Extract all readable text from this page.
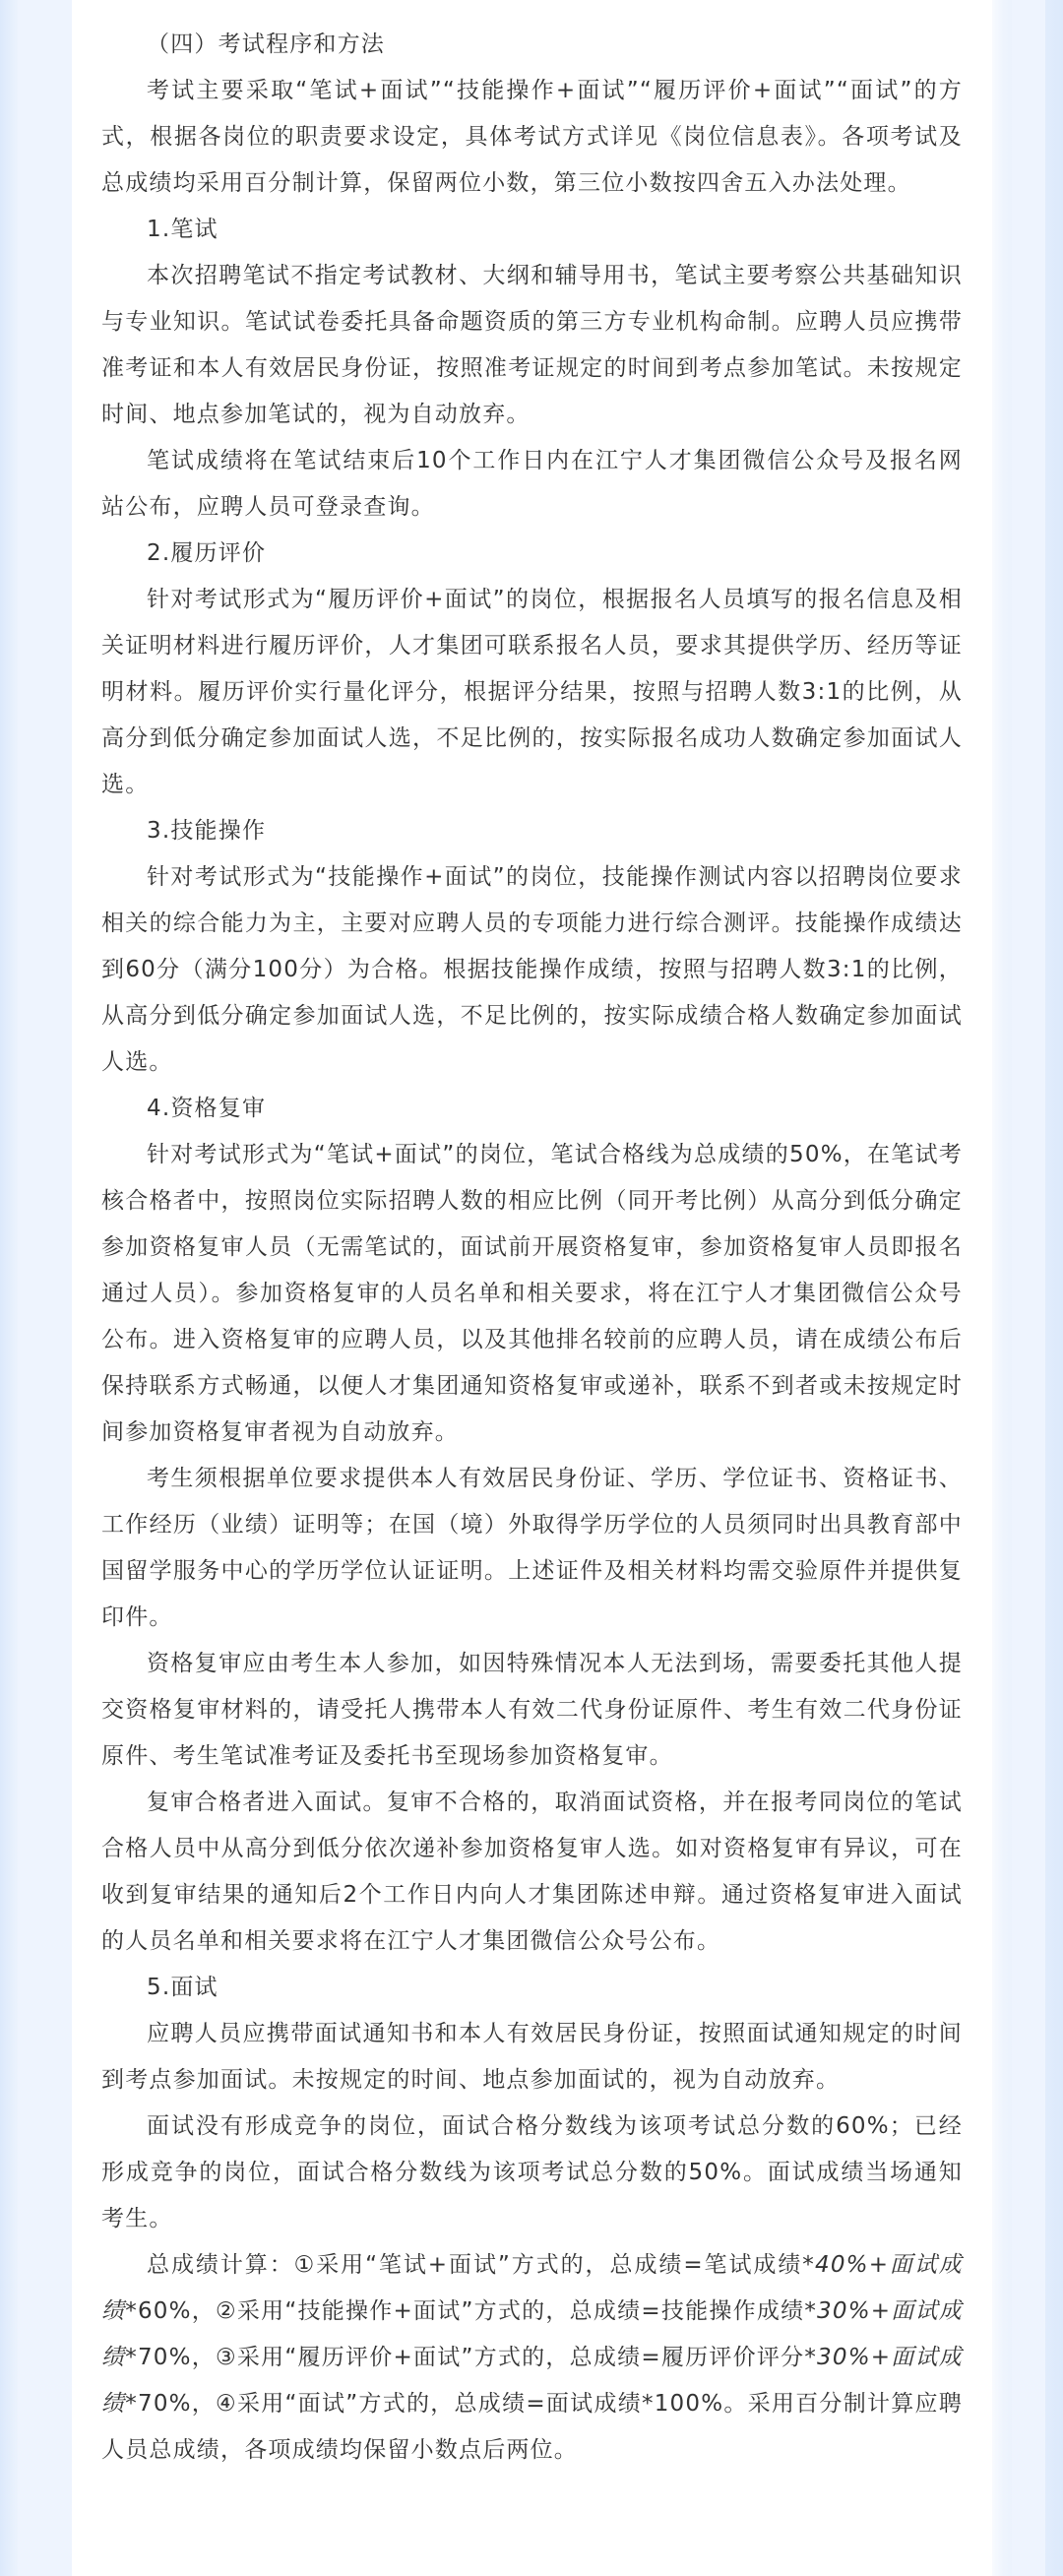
（四）考试程序和方法

考试主要采取“笔试+面试”“技能操作+面试”“履历评价+面试”“面试”的方式，根据各岗位的职责要求设定，具体考试方式详见《岗位信息表》。各项考试及总成绩均采用百分制计算，保留两位小数，第三位小数按四舍五入办法处理。

1.笔试

本次招聘笔试不指定考试教材、大纲和辅导用书，笔试主要考察公共基础知识与专业知识。笔试试卷委托具备命题资质的第三方专业机构命制。应聘人员应携带准考证和本人有效居民身份证，按照准考证规定的时间到考点参加笔试。未按规定时间、地点参加笔试的，视为自动放弃。

笔试成绩将在笔试结束后10个工作日内在江宁人才集团微信公众号及报名网站公布，应聘人员可登录查询。

2.履历评价

针对考试形式为“履历评价+面试”的岗位，根据报名人员填写的报名信息及相关证明材料进行履历评价，人才集团可联系报名人员，要求其提供学历、经历等证明材料。履历评价实行量化评分，根据评分结果，按照与招聘人数3:1的比例，从高分到低分确定参加面试人选，不足比例的，按实际报名成功人数确定参加面试人选。

3.技能操作

针对考试形式为“技能操作+面试”的岗位，技能操作测试内容以招聘岗位要求相关的综合能力为主，主要对应聘人员的专项能力进行综合测评。技能操作成绩达到60分（满分100分）为合格。根据技能操作成绩，按照与招聘人数3:1的比例，从高分到低分确定参加面试人选，不足比例的，按实际成绩合格人数确定参加面试人选。

4.资格复审

针对考试形式为“笔试+面试”的岗位，笔试合格线为总成绩的50%，在笔试考核合格者中，按照岗位实际招聘人数的相应比例（同开考比例）从高分到低分确定参加资格复审人员（无需笔试的，面试前开展资格复审，参加资格复审人员即报名通过人员）。参加资格复审的人员名单和相关要求，将在江宁人才集团微信公众号公布。进入资格复审的应聘人员，以及其他排名较前的应聘人员，请在成绩公布后保持联系方式畅通，以便人才集团通知资格复审或递补，联系不到者或未按规定时间参加资格复审者视为自动放弃。

考生须根据单位要求提供本人有效居民身份证、学历、学位证书、资格证书、工作经历（业绩）证明等；在国（境）外取得学历学位的人员须同时出具教育部中国留学服务中心的学历学位认证证明。上述证件及相关材料均需交验原件并提供复印件。

资格复审应由考生本人参加，如因特殊情况本人无法到场，需要委托其他人提交资格复审材料的，请受托人携带本人有效二代身份证原件、考生有效二代身份证原件、考生笔试准考证及委托书至现场参加资格复审。

复审合格者进入面试。复审不合格的，取消面试资格，并在报考同岗位的笔试合格人员中从高分到低分依次递补参加资格复审人选。如对资格复审有异议，可在收到复审结果的通知后2个工作日内向人才集团陈述申辩。通过资格复审进入面试的人员名单和相关要求将在江宁人才集团微信公众号公布。

5.面试

应聘人员应携带面试通知书和本人有效居民身份证，按照面试通知规定的时间到考点参加面试。未按规定的时间、地点参加面试的，视为自动放弃。

面试没有形成竞争的岗位，面试合格分数线为该项考试总分数的60%；已经形成竞争的岗位，面试合格分数线为该项考试总分数的50%。面试成绩当场通知考生。

总成绩计算：①采用“笔试+面试”方式的，总成绩=笔试成绩*40%+面试成绩*60%，②采用“技能操作+面试”方式的，总成绩=技能操作成绩*30%+面试成绩*70%，③采用“履历评价+面试”方式的，总成绩=履历评价评分*30%+面试成绩*70%，④采用“面试”方式的，总成绩=面试成绩*100%。采用百分制计算应聘人员总成绩，各项成绩均保留小数点后两位。
